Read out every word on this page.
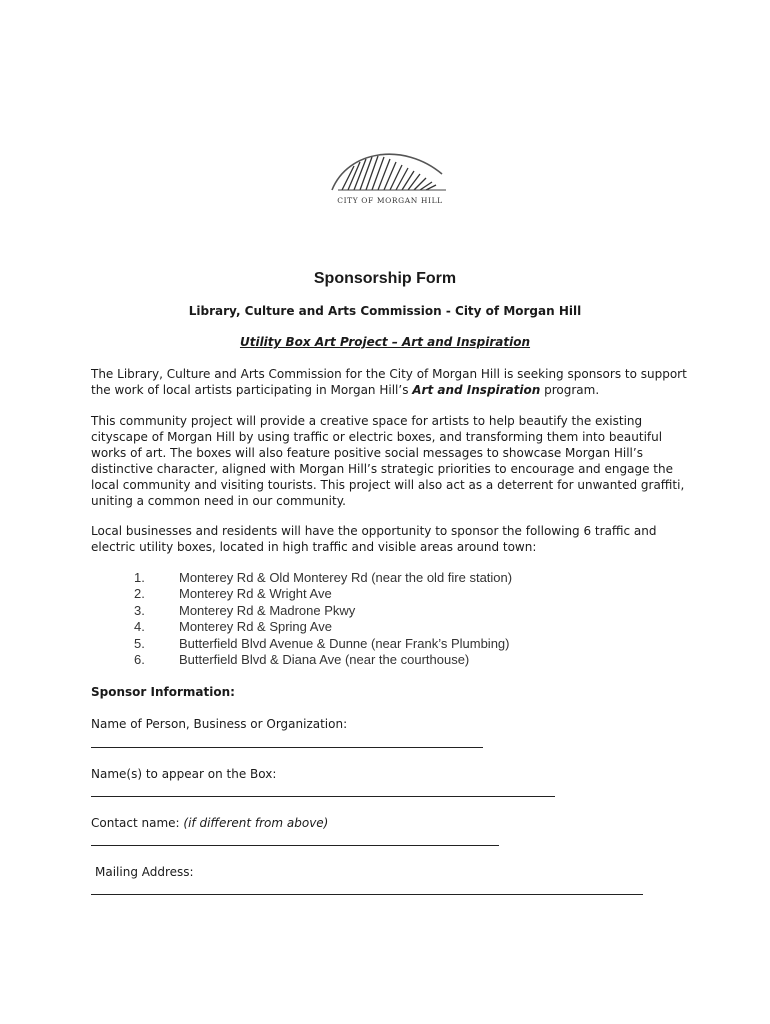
CITY OF MORGAN HILL
Sponsorship Form
Library, Culture and Arts Commission - City of Morgan Hill
Utility Box Art Project – Art and Inspiration

The Library, Culture and Arts Commission for the City of Morgan Hill is seeking sponsors to support the work of local artists participating in Morgan Hill’s Art and Inspiration program.

This community project will provide a creative space for artists to help beautify the existing cityscape of Morgan Hill by using traffic or electric boxes, and transforming them into beautiful works of art. The boxes will also feature positive social messages to showcase Morgan Hill’s distinctive character, aligned with Morgan Hill’s strategic priorities to encourage and engage the local community and visiting tourists. This project will also act as a deterrent for unwanted graffiti, uniting a common need in our community.

Local businesses and residents will have the opportunity to sponsor the following 6 traffic and electric utility boxes, located in high traffic and visible areas around town:

1.	Monterey Rd & Old Monterey Rd (near the old fire station)
2.	Monterey Rd & Wright Ave
3.	Monterey Rd & Madrone Pkwy
4.	Monterey Rd & Spring Ave
5.	Butterfield Blvd Avenue & Dunne (near Frank’s Plumbing)
6.	Butterfield Blvd & Diana Ave (near the courthouse)
Sponsor Information:
Name of Person, Business or Organization:
Name(s) to appear on the Box:
Contact name: (if different from above)
Mailing Address:
